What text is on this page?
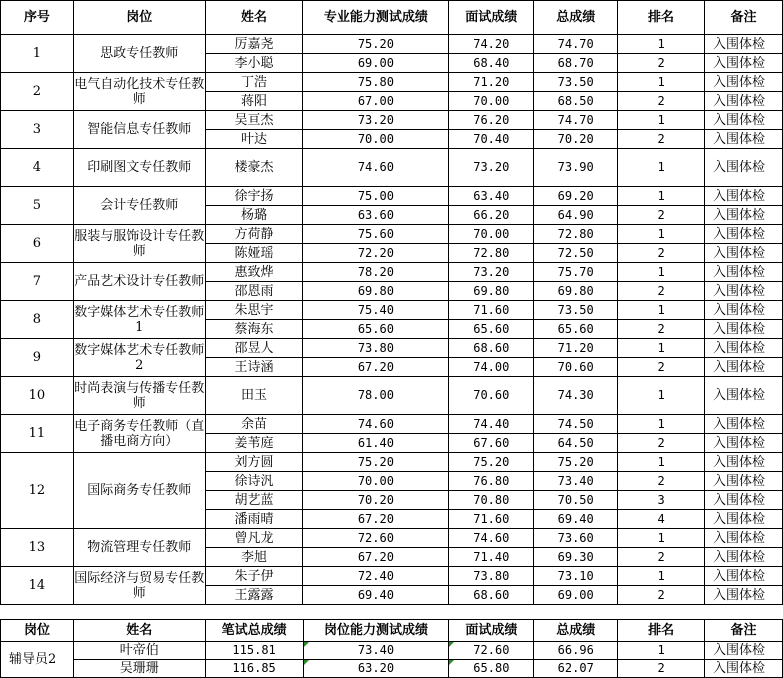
序号	岗位	姓名	专业能力测试成绩	面试成绩	总成绩	排名	备注
1	思政专任教师	厉嘉尧	75.20	74.20	74.70	1	入围体检
		李小聪	69.00	68.40	68.70	2	入围体检
2	电气自动化技术专任教师	丁浩	75.80	71.20	73.50	1	入围体检
		蒋阳	67.00	70.00	68.50	2	入围体检
3	智能信息专任教师	吴亘杰	73.20	76.20	74.70	1	入围体检
		叶达	70.00	70.40	70.20	2	入围体检
4	印刷图文专任教师	楼豪杰	74.60	73.20	73.90	1	入围体检
5	会计专任教师	徐宇扬	75.00	63.40	69.20	1	入围体检
		杨璐	63.60	66.20	64.90	2	入围体检
6	服装与服饰设计专任教师	方荷静	75.60	70.00	72.80	1	入围体检
		陈娅瑶	72.20	72.80	72.50	2	入围体检
7	产品艺术设计专任教师	惠致烨	78.20	73.20	75.70	1	入围体检
		邵恩雨	69.80	69.80	69.80	2	入围体检
8	数字媒体艺术专任教师1	朱思宇	75.40	71.60	73.50	1	入围体检
		蔡海东	65.60	65.60	65.60	2	入围体检
9	数字媒体艺术专任教师2	邵昱人	73.80	68.60	71.20	1	入围体检
		王诗涵	67.20	74.00	70.60	2	入围体检
10	时尚表演与传播专任教师	田玉	78.00	70.60	74.30	1	入围体检
11	电子商务专任教师（直播电商方向）	余苗	74.60	74.40	74.50	1	入围体检
		姜苇庭	61.40	67.60	64.50	2	入围体检
12	国际商务专任教师	刘方圆	75.20	75.20	75.20	1	入围体检
		徐诗汎	70.00	76.80	73.40	2	入围体检
		胡艺蓝	70.20	70.80	70.50	3	入围体检
		潘雨晴	67.20	71.60	69.40	4	入围体检
13	物流管理专任教师	曾凡龙	72.60	74.60	73.60	1	入围体检
		李旭	67.20	71.40	69.30	2	入围体检
14	国际经济与贸易专任教师	朱子伊	72.40	73.80	73.10	1	入围体检
		王露露	69.40	68.60	69.00	2	入围体检
岗位	姓名	笔试总成绩	岗位能力测试成绩	面试成绩	总成绩	排名	备注
辅导员2	叶帝伯	115.81	73.40	72.60	66.96	1	入围体检
	吴珊珊	116.85	63.20	65.80	62.07	2	入围体检
